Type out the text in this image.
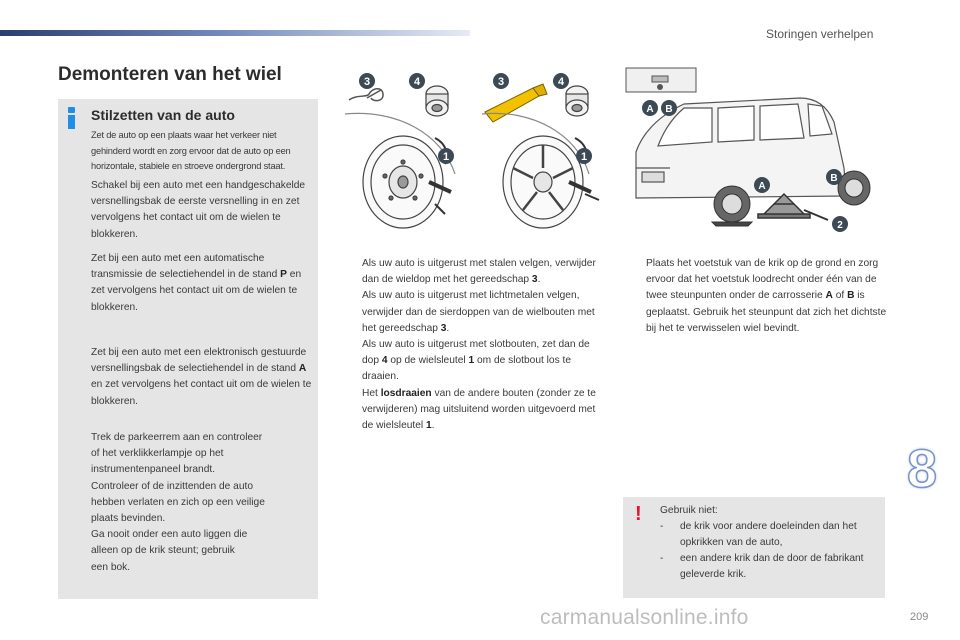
Storingen verhelpen
Demonteren van het wiel
Stilzetten van de auto
Zet de auto op een plaats waar het verkeer niet gehinderd wordt en zorg ervoor dat de auto op een horizontale, stabiele en stroeve ondergrond staat.
Schakel bij een auto met een handgeschakelde versnellingsbak de eerste versnelling in en zet vervolgens het contact uit om de wielen te blokkeren.
Zet bij een auto met een automatische transmissie de selectiehendel in de stand P en zet vervolgens het contact uit om de wielen te blokkeren.
Zet bij een auto met een elektronisch gestuurde versnellingsbak de selectiehendel in de stand A en zet vervolgens het contact uit om de wielen te blokkeren.
Trek de parkeerrem aan en controleer
of het verklikkerlampje op het
instrumentenpaneel brandt.
Controleer of de inzittenden de auto
hebben verlaten en zich op een veilige
plaats bevinden.
Ga nooit onder een auto liggen die
alleen op de krik steunt; gebruik
een bok.
3	4
1
3	4
1
A B
A
B
2
Als uw auto is uitgerust met stalen velgen, verwijder dan de wieldop met het gereedschap 3.
Als uw auto is uitgerust met lichtmetalen velgen, verwijder dan de sierdoppen van de wielbouten met het gereedschap 3.
Als uw auto is uitgerust met slotbouten, zet dan de dop 4 op de wielsleutel 1 om de slotbout los te draaien.
Het losdraaien van de andere bouten (zonder ze te verwijderen) mag uitsluitend worden uitgevoerd met de wielsleutel 1.
Plaats het voetstuk van de krik op de grond en zorg ervoor dat het voetstuk loodrecht onder één van de twee steunpunten onder de carrosserie A of B is geplaatst. Gebruik het steunpunt dat zich het dichtste bij het te verwisselen wiel bevindt.
! Gebruik niet:
- de krik voor andere doeleinden dan het opkrikken van de auto,
- een andere krik dan de door de fabrikant geleverde krik.
8
carmanualsonline.info	209
